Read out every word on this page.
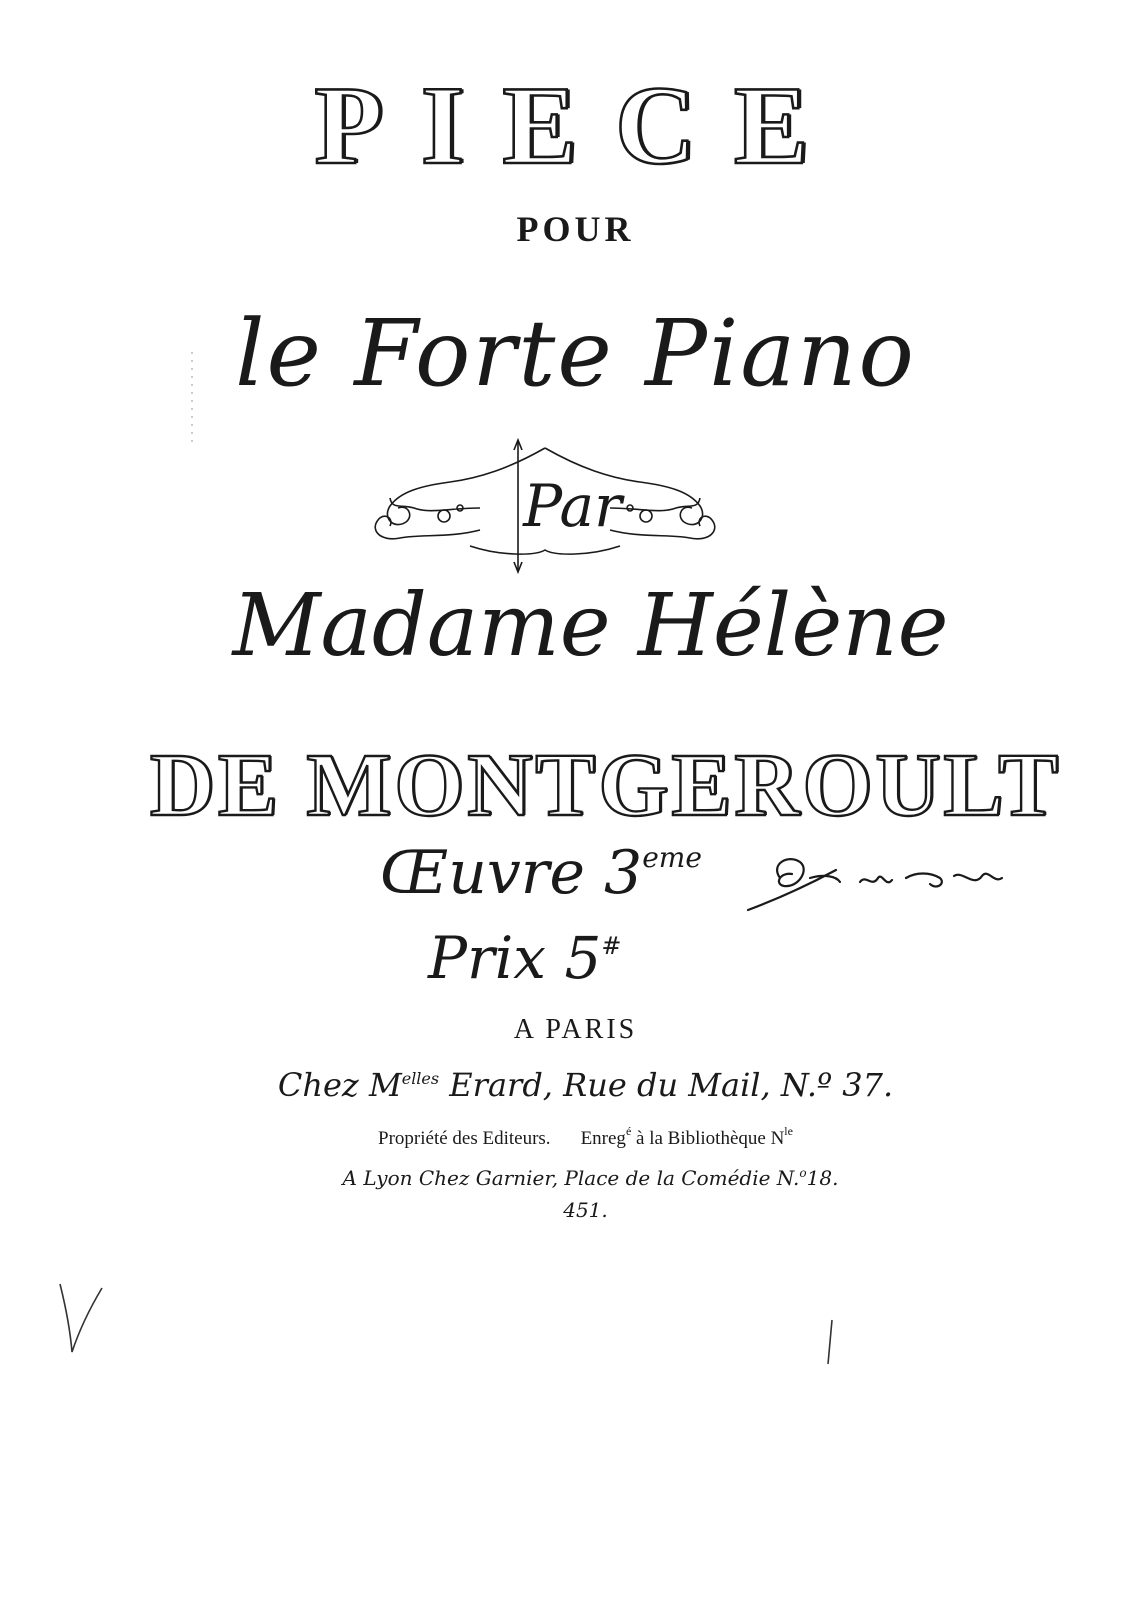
PIECE
POUR
le Forte Piano
Par
Madame Hélène
DE MONTGEROULT
Œuvre 3eme
Prix 5#
A PARIS
Chez $M^{elles}$ Erard, Rue du Mail, N.º 37.
Propriété des Editeurs. Enreg$^é$ à la Bibliothèque $N^{le}$
A Lyon Chez Garnier, Place de la Comédie N.$^o$18.
451.
